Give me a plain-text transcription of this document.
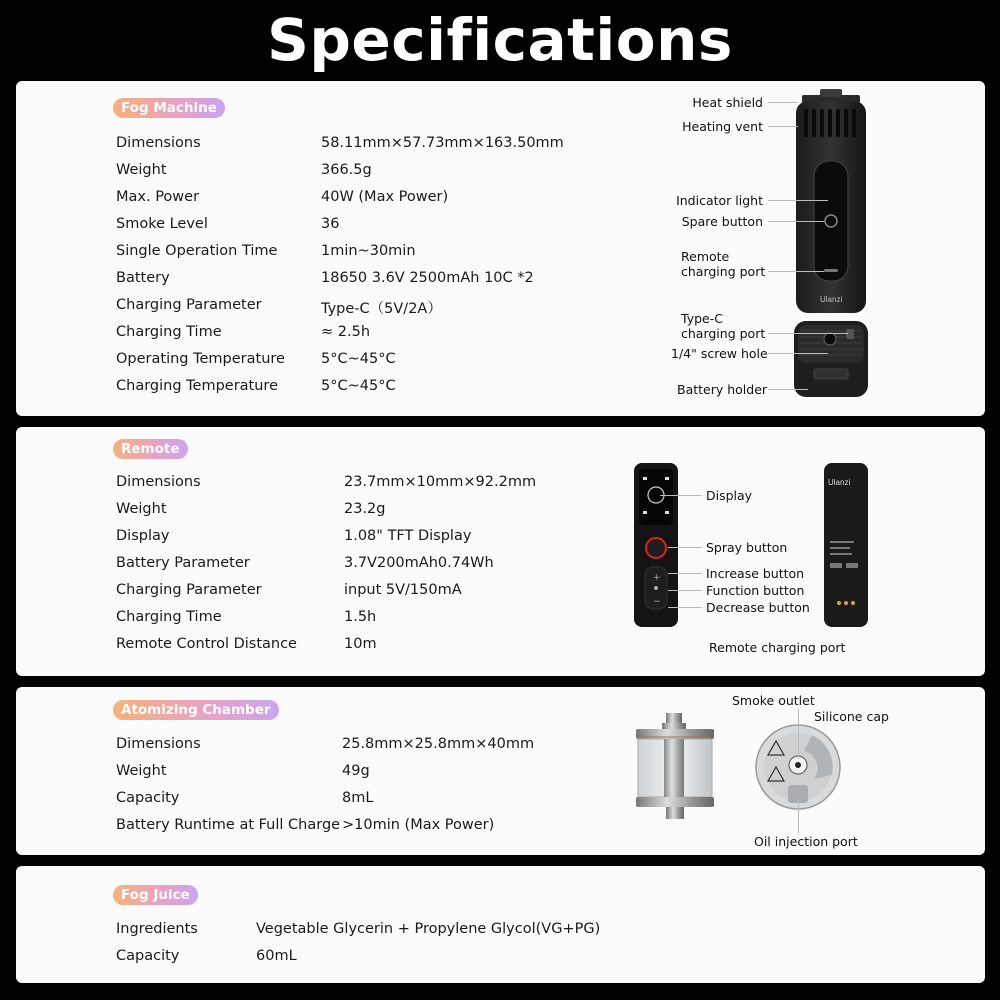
Specifications
Fog Machine
Dimensions	58.11mm×57.73mm×163.50mm
Weight	366.5g
Max. Power	40W (Max Power)
Smoke Level	36
Single Operation Time	1min~30min
Battery	18650 3.6V 2500mAh 10C *2
Charging Parameter	Type-C（5V/2A）
Charging Time	≈ 2.5h
Operating Temperature 5°C~45°C
Charging Temperature	5°C~45°C
Ulanzi
Heat shield
Heating vent
Indicator light
Spare button
Remote
charging port
Type-C
charging port
1/4" screw hole
Battery holder
Remote
Dimensions	23.7mm×10mm×92.2mm
Weight	23.2g
Display	1.08" TFT Display
Battery Parameter	3.7V200mAh0.74Wh
Charging Parameter	input 5V/150mA
Charging Time	1.5h
Remote Control Distance	10m
+
−
Ulanzi
Display
Spray button
Increase button
Function button
Decrease button
Remote charging port
Atomizing Chamber
Dimensions	25.8mm×25.8mm×40mm
Weight	49g
Capacity	8mL
Battery Runtime at Full Charge >10min (Max Power)
Smoke outlet
Silicone cap
Oil injection port
Fog Juice
Ingredients	Vegetable Glycerin + Propylene Glycol(VG+PG)
Capacity	60mL
